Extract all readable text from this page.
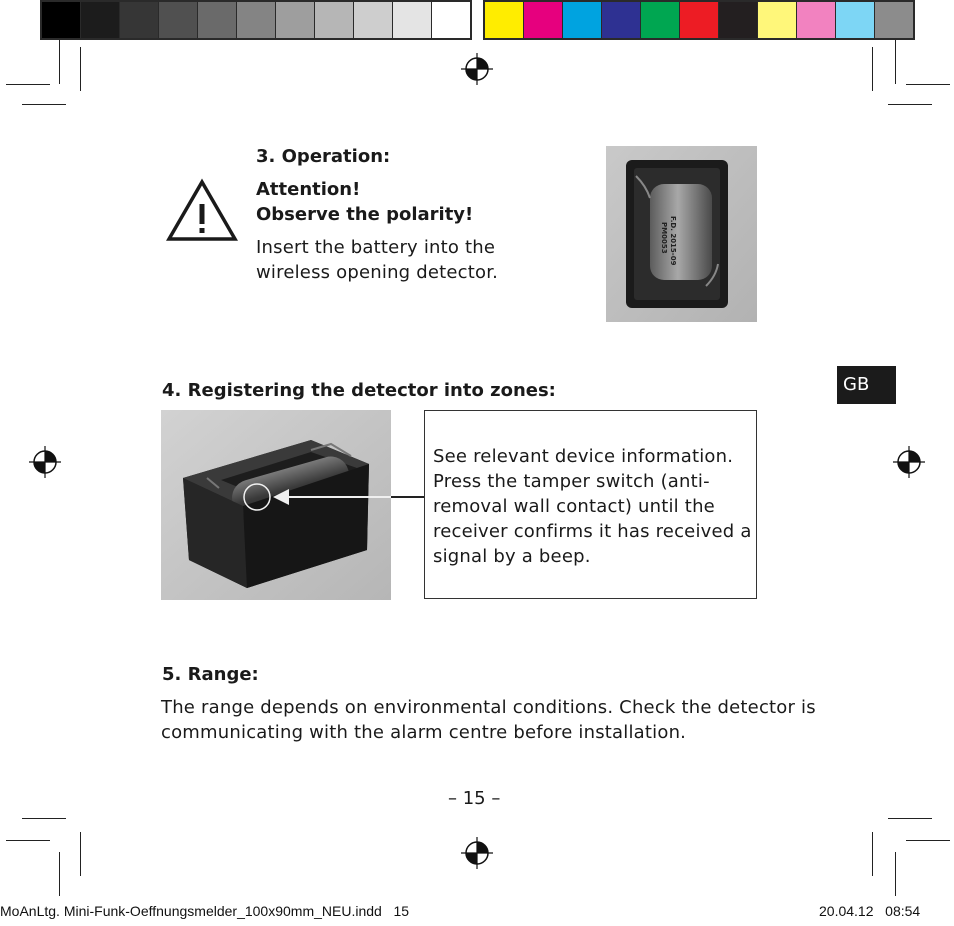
3. Operation:
Attention!
Observe the polarity!
Insert the battery into the
wireless opening detector.
PM0053 F.D. 2015-09
GB
4. Registering the detector into zones:
See relevant device information.
Press the tamper switch (anti-
removal wall contact) until the
receiver confirms it has received a
signal by a beep.
5. Range:
The range depends on environmental conditions. Check the detector is
communicating with the alarm centre before installation.
– 15 –
MoAnLtg. Mini-Funk-Oeffnungsmelder_100x90mm_NEU.indd   15	20.04.12   08:54
